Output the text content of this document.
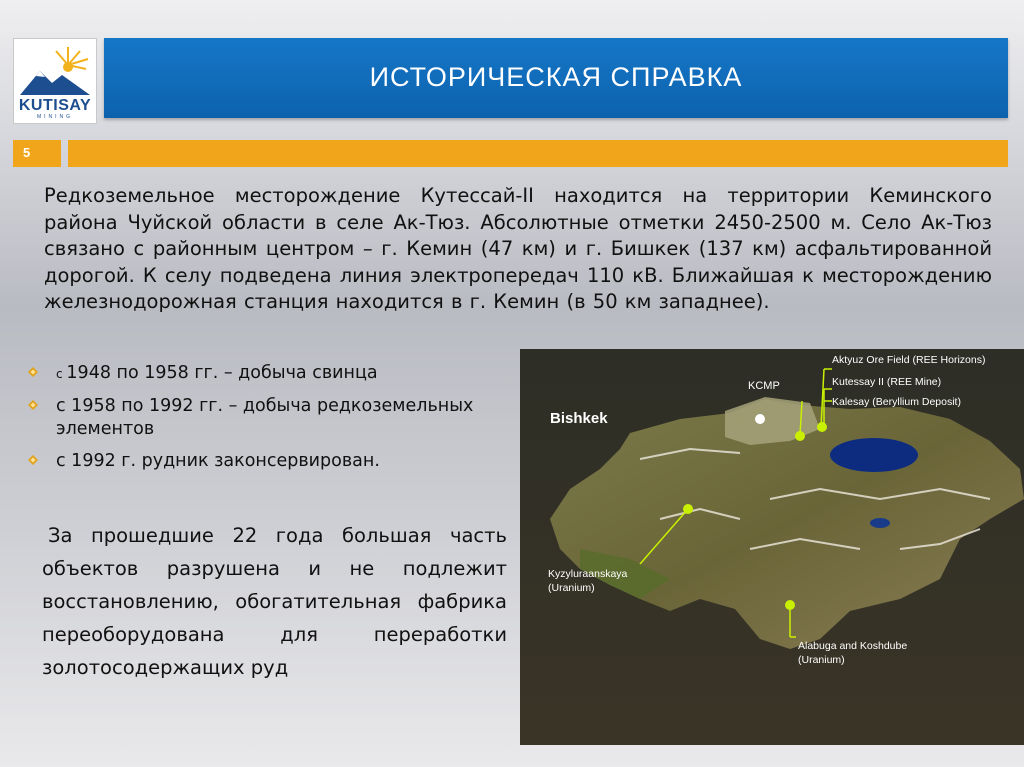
KUTISAY
MINING
ИСТОРИЧЕСКАЯ СПРАВКА
5

Редкоземельное месторождение Кутессай-II находится на территории Кеминского района Чуйской области в селе Ак-Тюз. Абсолютные отметки 2450-2500 м. Село Ак-Тюз связано с районным центром – г. Кемин (47 км) и г. Бишкек (137 км) асфальтированной дорогой. К селу подведена линия электропередач 110 кВ. Ближайшая к месторождению железнодорожная станция находится в г. Кемин (в 50 км западнее).

с 1948 по 1958 гг. – добыча свинца
с 1958 по 1992 гг. – добыча редкоземельных элементов
с 1992 г. рудник законсервирован.

За прошедшие 22 года большая часть объектов разрушена и не подлежит восстановлению, обогатительная фабрика переоборудована для переработки золотосодержащих руд

Bishkek
KCMP
Aktyuz Ore Field (REE Horizons)
Kutessay II (REE Mine)
Kalesay (Beryllium Deposit)
Kyzyluraanskaya
(Uranium)
Alabuga and Koshdube
(Uranium)
